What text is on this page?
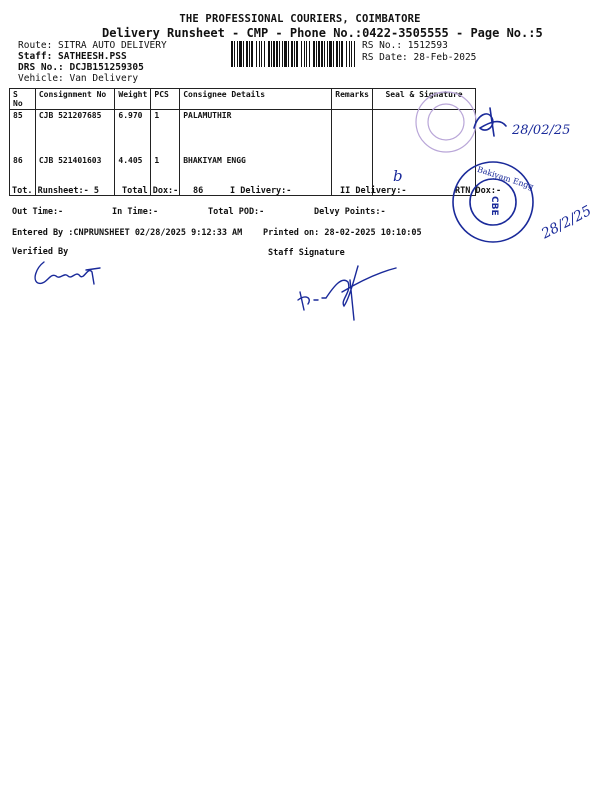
THE PROFESSIONAL COURIERS, COIMBATORE
Delivery Runsheet - CMP - Phone No.:0422-3505555 - Page No.:5
Route: SITRA AUTO DELIVERY
Staff: SATHEESH.PSS
DRS No.: DCJB151259305
Vehicle: Van Delivery
RS No.: 1512593
RS Date: 28-Feb-2025
S No	Consignment No	Weight	PCS	Consignee Details	Remarks	Seal & Signature
85	CJB 521207685	6.970	1	PALAMUTHIR		
86	CJB 521401603	4.405	1	BHAKIYAM ENGG		
Tot. Runsheet:- 5	Total Dox:- 86	I Delivery:-	II Delivery:-	RTN Dox:-
Out Time:-	In Time:-	Total POD:-	Delvy Points:-
Entered By :CNPRUNSHEET 02/28/2025 9:12:33 AM Printed on: 28-02-2025 10:10:05
Verified By	Staff Signature
28/02/25
b	Bakiyam Engg
CBE	28/2/25
